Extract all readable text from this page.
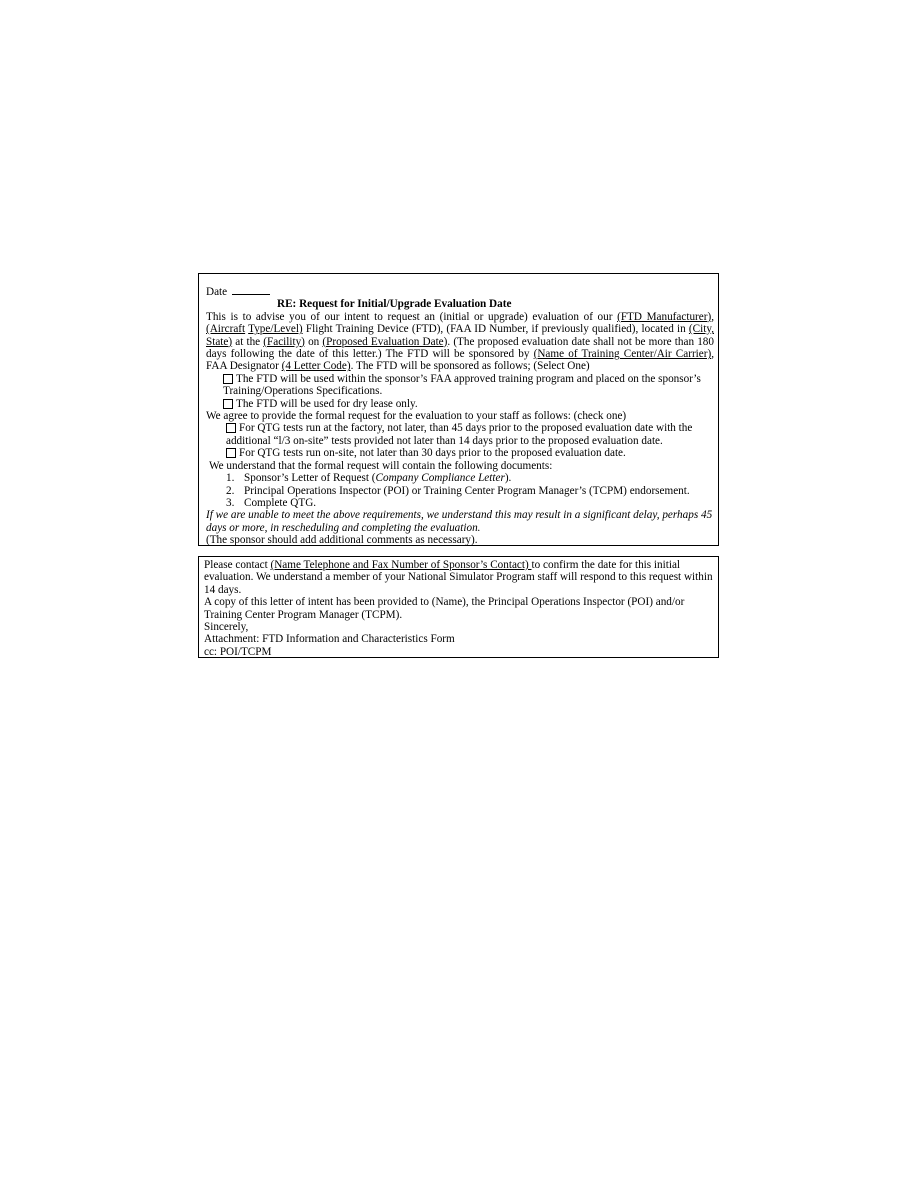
Date
RE: Request for Initial/Upgrade Evaluation Date

This is to advise you of our intent to request an (initial or upgrade) evaluation of our (FTD Manufacturer), (Aircraft Type/Level) Flight Training Device (FTD), (FAA ID Number, if previously qualified), located in (City, State) at the (Facility) on (Proposed Evaluation Date). (The proposed evaluation date shall not be more than 180 days following the date of this letter.) The FTD will be sponsored by (Name of Training Center/Air Carrier), FAA Designator (4 Letter Code). The FTD will be sponsored as follows; (Select One)

The FTD will be used within the sponsor’s FAA approved training program and placed on the sponsor’s
Training/Operations Specifications.
The FTD will be used for dry lease only.
We agree to provide the formal request for the evaluation to your staff as follows: (check one)
For QTG tests run at the factory, not later, than 45 days prior to the proposed evaluation date with the
additional “l/3 on-site” tests provided not later than 14 days prior to the proposed evaluation date.
For QTG tests run on-site, not later than 30 days prior to the proposed evaluation date.
We understand that the formal request will contain the following documents:
1. Sponsor’s Letter of Request (Company Compliance Letter).
2. Principal Operations Inspector (POI) or Training Center Program Manager’s (TCPM) endorsement.
3. Complete QTG.
If we are unable to meet the above requirements, we understand this may result in a significant delay, perhaps 45
days or more, in rescheduling and completing the evaluation.
(The sponsor should add additional comments as necessary).
Please contact (Name Telephone and Fax Number of Sponsor’s Contact) to confirm the date for this initial
evaluation. We understand a member of your National Simulator Program staff will respond to this request within
14 days.
A copy of this letter of intent has been provided to (Name), the Principal Operations Inspector (POI) and/or
Training Center Program Manager (TCPM).
Sincerely,
Attachment: FTD Information and Characteristics Form
cc: POI/TCPM
